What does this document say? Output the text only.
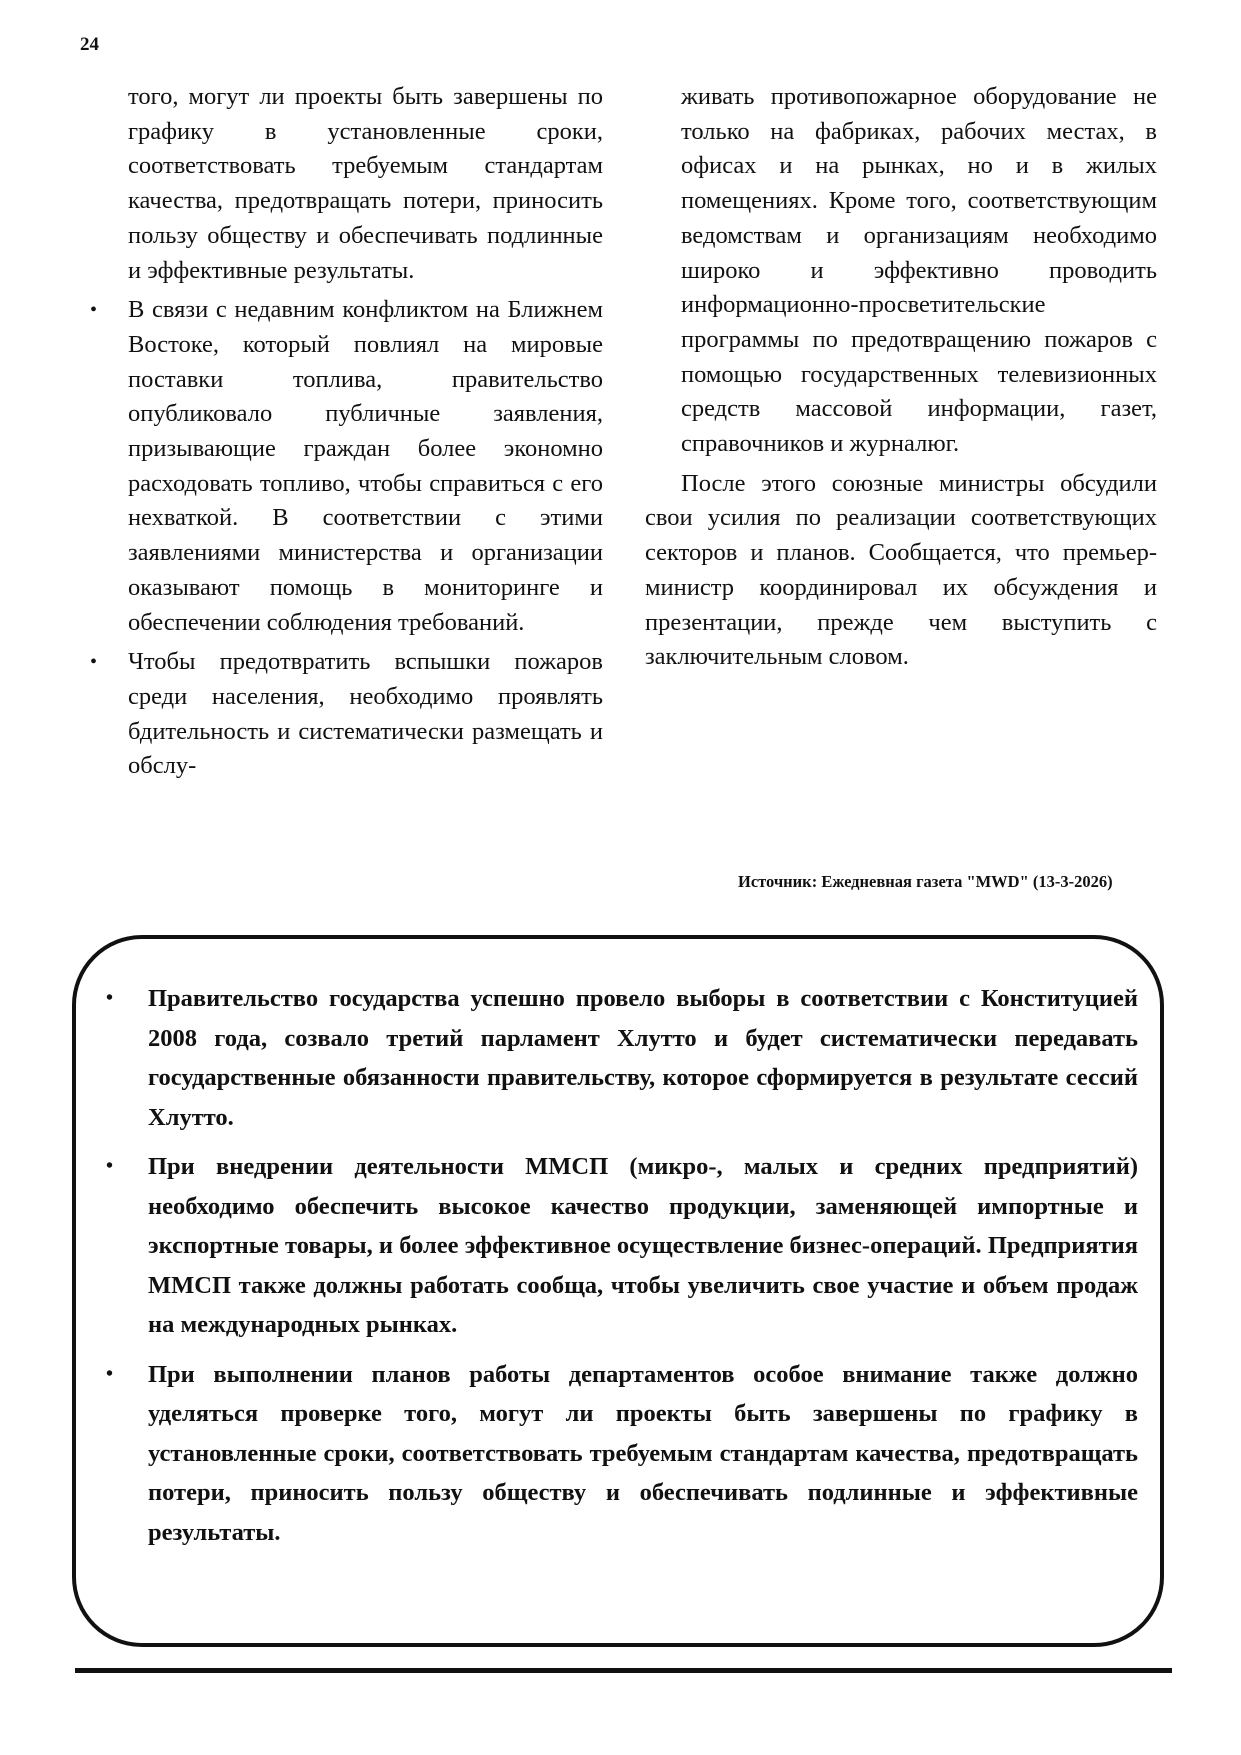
24

того, могут ли проекты быть завершены по графику в установленные сроки, соответствовать требуемым стандартам качества, предотвращать потери, приносить пользу обществу и обеспечивать подлинные и эффективные результаты.

• В связи с недавним конфликтом на Ближнем Востоке, который повлиял на мировые поставки топлива, правительство опубликовало публичные заявления, призывающие граждан более экономно расходовать топливо, чтобы справиться с его нехваткой. В соответствии с этими заявлениями министерства и организации оказывают помощь в мониторинге и обеспечении соблюдения требований.

• Чтобы предотвратить вспышки пожаров среди населения, необходимо проявлять бдительность и систематически размещать и обслу-

живать противопожарное оборудование не только на фабриках, рабочих местах, в офисах и на рынках, но и в жилых помещениях. Кроме того, соответствующим ведомствам и организациям необходимо широко и эффективно проводить информационно-просветительские программы по предотвращению пожаров с помощью государственных телевизионных средств массовой информации, газет, справочников и журналюг.

После этого союзные министры обсудили свои усилия по реализации соответствующих секторов и планов. Сообщается, что премьер-министр координировал их обсуждения и презентации, прежде чем выступить с заключительным словом.

Источник: Ежедневная газета "MWD" (13-3-2026)
• Правительство государства успешно провело выборы в соответствии с Конституцией 2008 года, созвало третий парламент Хлутто и будет систематически передавать государственные обязанности правительству, которое сформируется в результате сессий Хлутто.
• При внедрении деятельности ММСП (микро-, малых и средних предприятий) необходимо обеспечить высокое качество продукции, заменяющей импортные и экспортные товары, и более эффективное осуществление бизнес-операций. Предприятия ММСП также должны работать сообща, чтобы увеличить свое участие и объем продаж на международных рынках.
• При выполнении планов работы департаментов особое внимание также должно уделяться проверке того, могут ли проекты быть завершены по графику в установленные сроки, соответствовать требуемым стандартам качества, предотвращать потери, приносить пользу обществу и обеспечивать подлинные и эффективные результаты.
